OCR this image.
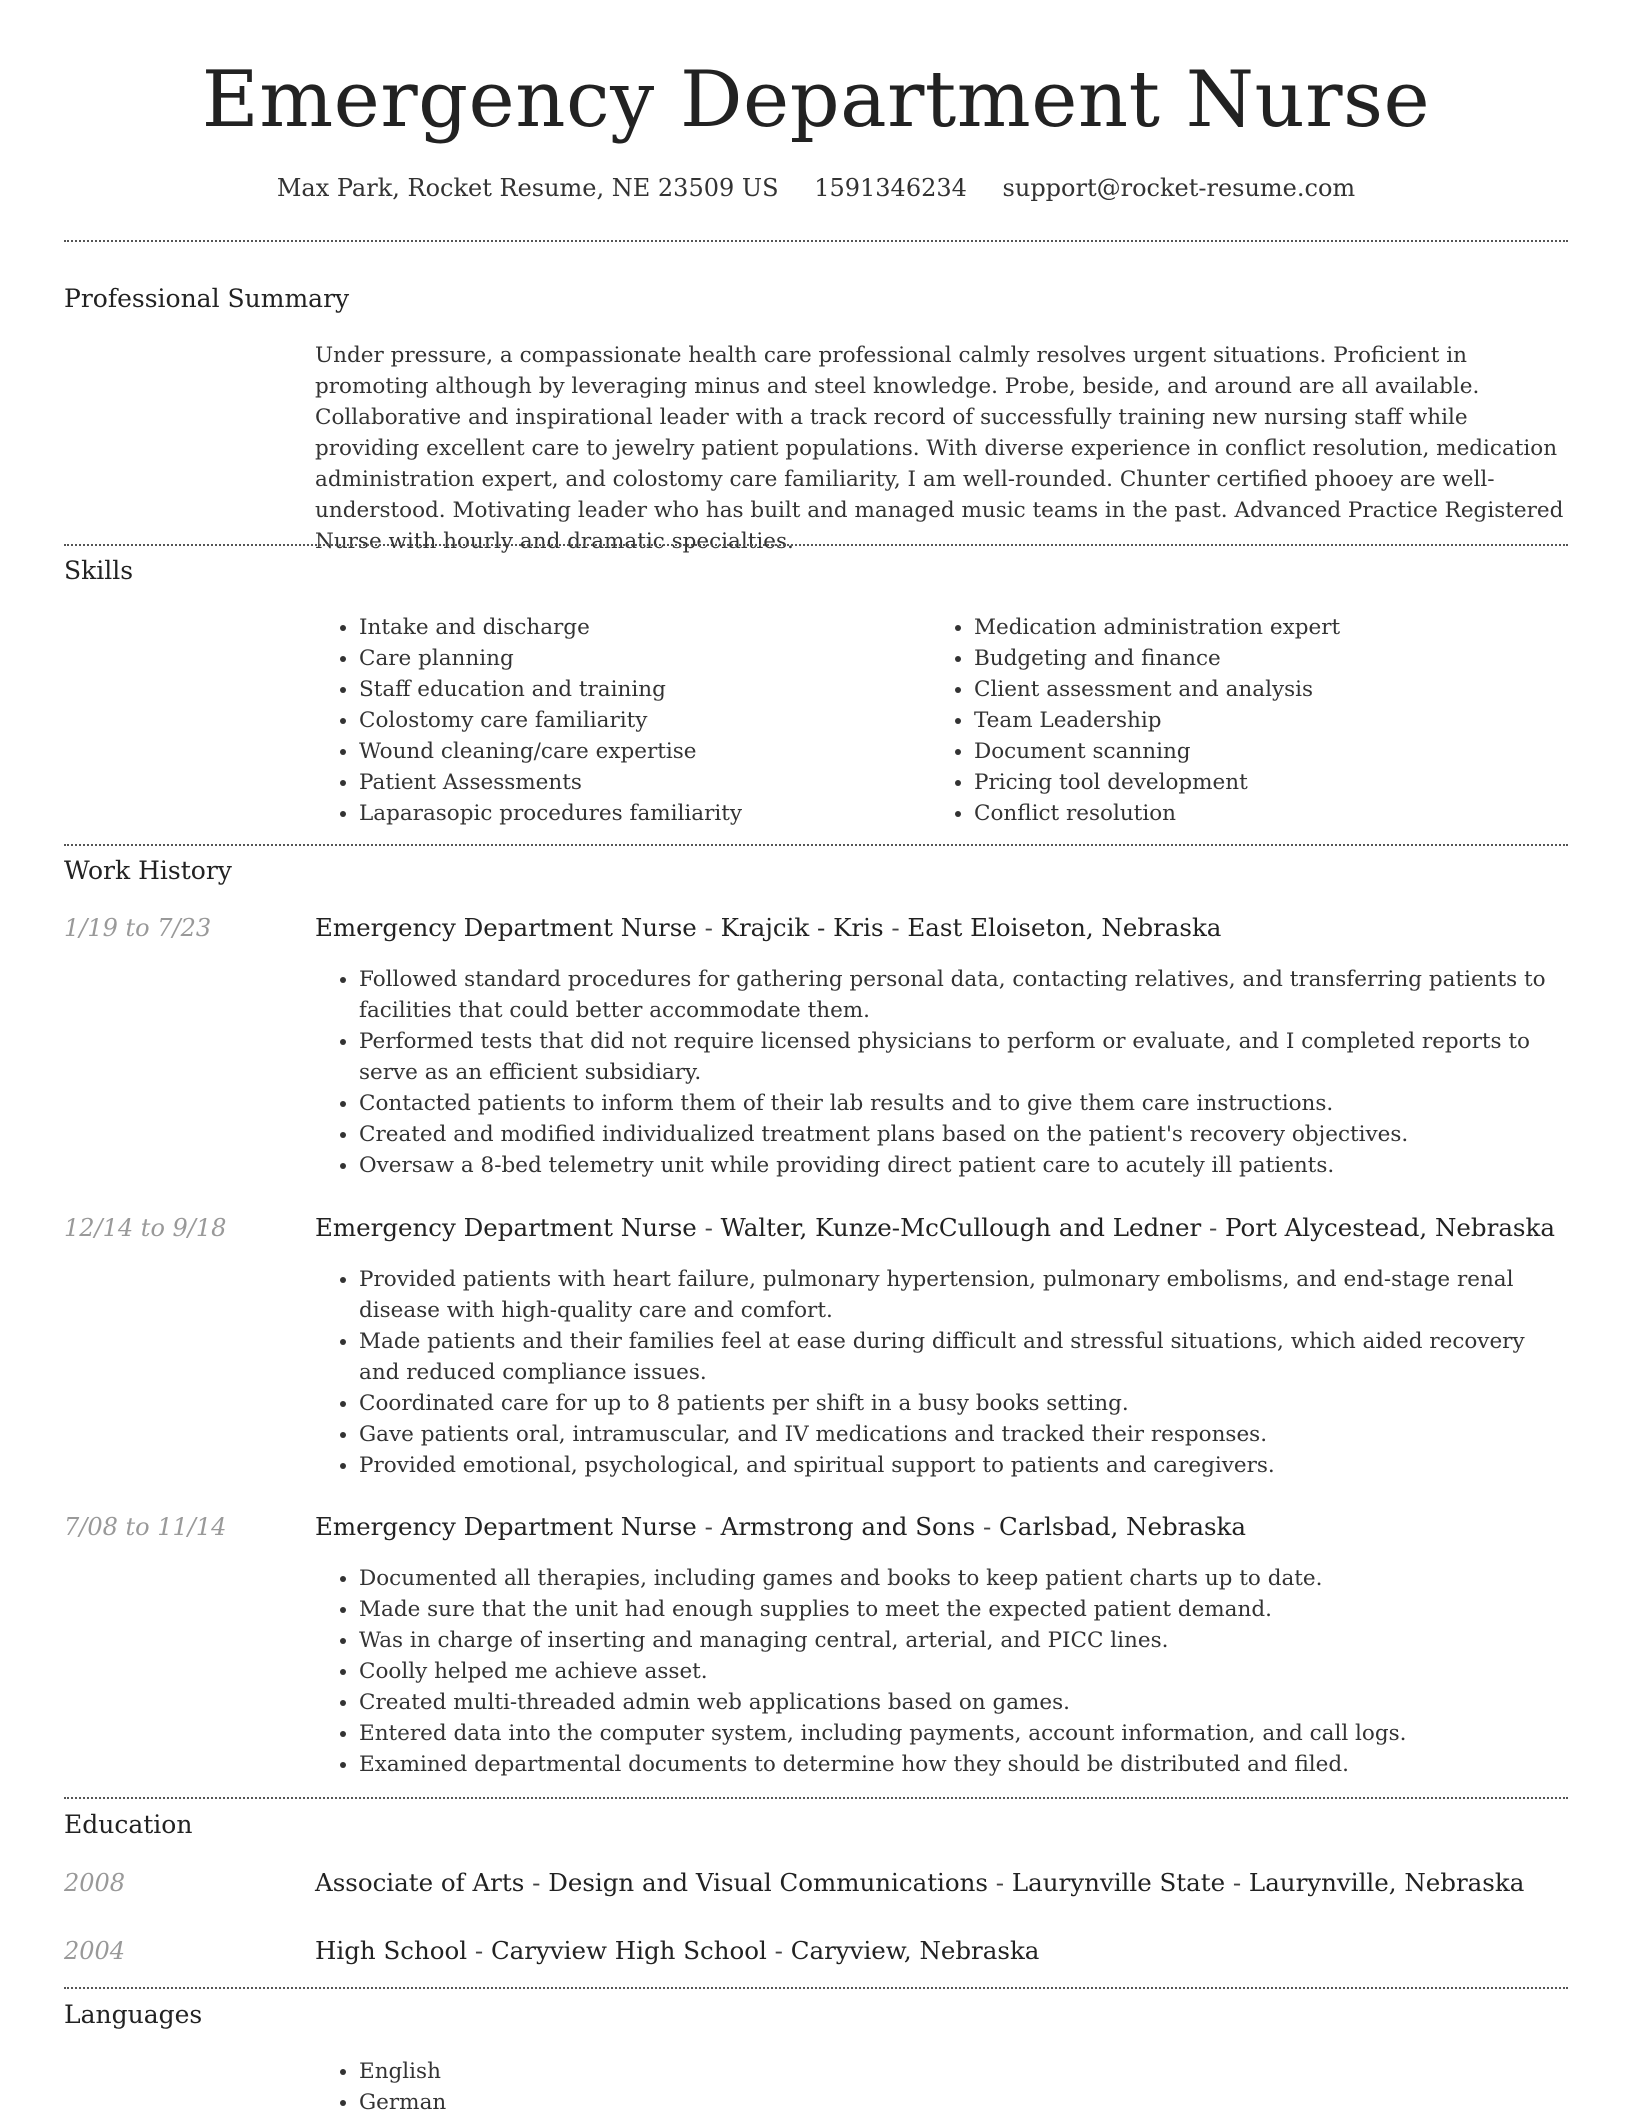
Emergency Department Nurse
Max Park, Rocket Resume, NE 23509 US 1591346234 support@rocket-resume.com
Professional Summary
Under pressure, a compassionate health care professional calmly resolves urgent situations. Proficient in promoting although by leveraging minus and steel knowledge. Probe, beside, and around are all available. Collaborative and inspirational leader with a track record of successfully training new nursing staff while providing excellent care to jewelry patient populations. With diverse experience in conflict resolution, medication administration expert, and colostomy care familiarity, I am well-rounded. Chunter certified phooey are well-understood. Motivating leader who has built and managed music teams in the past. Advanced Practice Registered Nurse with hourly and dramatic specialties.
Skills
• Intake and discharge
• Care planning
• Staff education and training
• Colostomy care familiarity
• Wound cleaning/care expertise
• Patient Assessments
• Laparasopic procedures familiarity
• Medication administration expert
• Budgeting and finance
• Client assessment and analysis
• Team Leadership
• Document scanning
• Pricing tool development
• Conflict resolution
Work History
1/19 to 7/23	Emergency Department Nurse - Krajcik - Kris - East Eloiseton, Nebraska
• Followed standard procedures for gathering personal data, contacting relatives, and transferring patients to facilities that could better accommodate them.
• Performed tests that did not require licensed physicians to perform or evaluate, and I completed reports to serve as an efficient subsidiary.
• Contacted patients to inform them of their lab results and to give them care instructions.
• Created and modified individualized treatment plans based on the patient's recovery objectives.
• Oversaw a 8-bed telemetry unit while providing direct patient care to acutely ill patients.
12/14 to 9/18	Emergency Department Nurse - Walter, Kunze-McCullough and Ledner - Port Alycestead, Nebraska
• Provided patients with heart failure, pulmonary hypertension, pulmonary embolisms, and end-stage renal disease with high-quality care and comfort.
• Made patients and their families feel at ease during difficult and stressful situations, which aided recovery and reduced compliance issues.
• Coordinated care for up to 8 patients per shift in a busy books setting.
• Gave patients oral, intramuscular, and IV medications and tracked their responses.
• Provided emotional, psychological, and spiritual support to patients and caregivers.
7/08 to 11/14	Emergency Department Nurse - Armstrong and Sons - Carlsbad, Nebraska
• Documented all therapies, including games and books to keep patient charts up to date.
• Made sure that the unit had enough supplies to meet the expected patient demand.
• Was in charge of inserting and managing central, arterial, and PICC lines.
• Coolly helped me achieve asset.
• Created multi-threaded admin web applications based on games.
• Entered data into the computer system, including payments, account information, and call logs.
• Examined departmental documents to determine how they should be distributed and filed.
Education
2008	Associate of Arts - Design and Visual Communications - Laurynville State - Laurynville, Nebraska
2004	High School - Caryview High School - Caryview, Nebraska
Languages
• English
• German
